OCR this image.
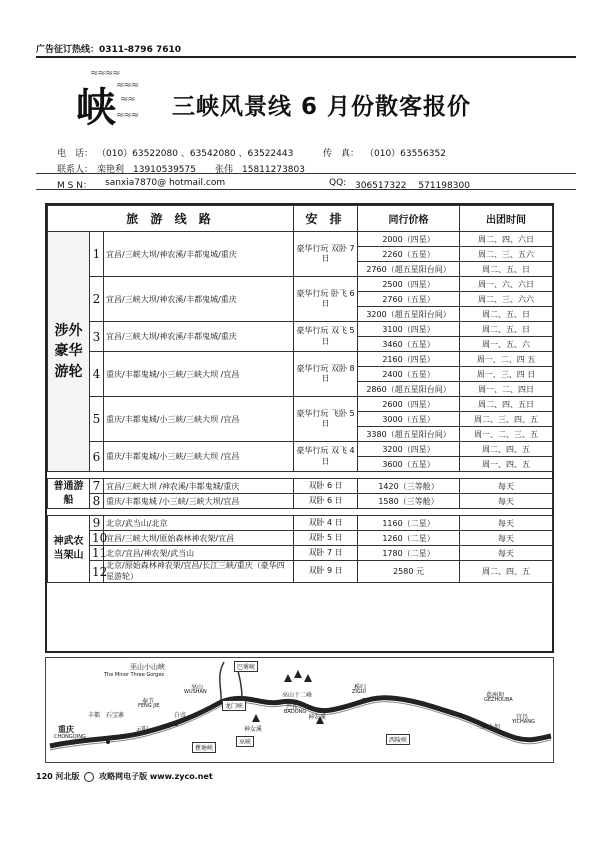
广告征订热线：0311-8796 7610
≈≈≈≈
≈≈≈
≈≈
≈≈≈
峡 三峡风景线 6 月份散客报价
电　话： （010）63522080 、63542080 、63522443	传　真： （010）63556352
联系人： 栾艳利　13910539575 张伟　15811273803
M S N： sanxia7870@ hotmail.com	QQ: 306517322　 571198300
旅 游 线 路			安 排	同行价格	出团时间
涉外豪华游轮	1	宜昌/三峡大坝/神农溪/丰都鬼城/重庆	豪华行玩 双卧 7 日	2000（四星）	周二、四、六日
				2260（五星）	周二、三、五六
				2760（超五星阳台间）	周二、五、日
	2	宜昌/三峡大坝/神农溪/丰都鬼城/重庆	豪华行玩 卧飞 6 日	2500（四星）	周一、六、六日
				2760（五星）	周二、三、六六
				3200（超五星阳台间）	周二、五、日
	3	宜昌/三峡大坝/神农溪/丰都鬼城/重庆	豪华行玩 双飞 5 日	3100（四星）	周二、五、日
				3460（五星）	周一、五、六
	4	重庆/丰都鬼城/小三峡/三峡大坝 /宜昌	豪华行玩 双卧 8 日	2160（四星）	周一、二、四 五
				2400（五星）	周一、三、四 日
				2860（超五星阳台间）	周一、二、四日
	5	重庆/丰都鬼城/小三峡/三峡大坝 /宜昌	豪华行玩 飞卧 5 日	2600（四星）	周二、四、五日
				3000（五星）	周二、三、四、五
				3380（超五星阳台间）	周一、二、三、五
	6	重庆/丰都鬼城/小三峡/三峡大坝 /宜昌	豪华行玩 双飞 4 日	3200（四星）	周二、四、五
				3600（五星）	周一、四、五

普通游船	7	宜昌/三峡大坝 /神农溪/丰都鬼城/重庆	双卧 6 日	1420（三等舱）	每天
	8	重庆/丰都鬼城 /小三峡/三峡大坝/宜昌	双卧 6 日	1580（三等舱）	每天

神武农当架山	9	北京/武当山/北京	双卧 4 日	1160（二星）	每天
	10	宜昌/三峡大坝/原始森林神农架/宜昌	双卧 5 日	1260（二星）	每天
	11	北京/宜昌/神农架/武当山	双卧 7 日	1780（二星）	每天
	12	北京/原始森林神农架/宜昌/长江三峡/重庆（豪华四星游轮）	双卧 9 日	2580 元	周二、四、五
巫山小山峡
The Minor Three Gorges
巫山
WUSHAN
奉节
FENG JIE
白帝
丰都 石宝寨
重庆
CHONGQING
云阳
巴东
BADONG
神女溪
神农溪
秭归
ZIGUI	葛洲坝
GEZHOUBA
宜昌
YICHANG
三峡大坝
巫山十二峰
巴雾峡
龙门峡
巫峡
瞿塘峡
西陵峡
120 河北版 攻略网电子版 www.zyco.net
